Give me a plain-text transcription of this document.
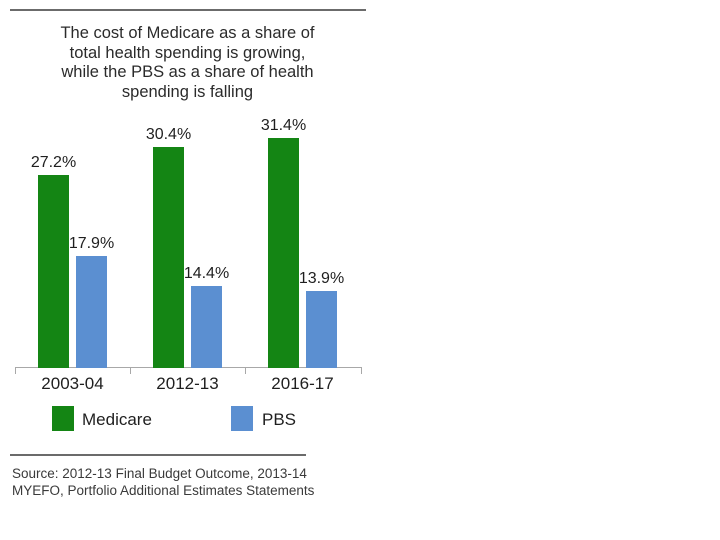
The cost of Medicare as a share of
total health spending is growing,
while the PBS as a share of health
spending is falling
27.2%
30.4%
31.4%
17.9%
14.4%	13.9%
2003-04	2012-13	2016-17
Medicare	PBS
Source: 2012-13 Final Budget Outcome, 2013-14
MYEFO, Portfolio Additional Estimates Statements
